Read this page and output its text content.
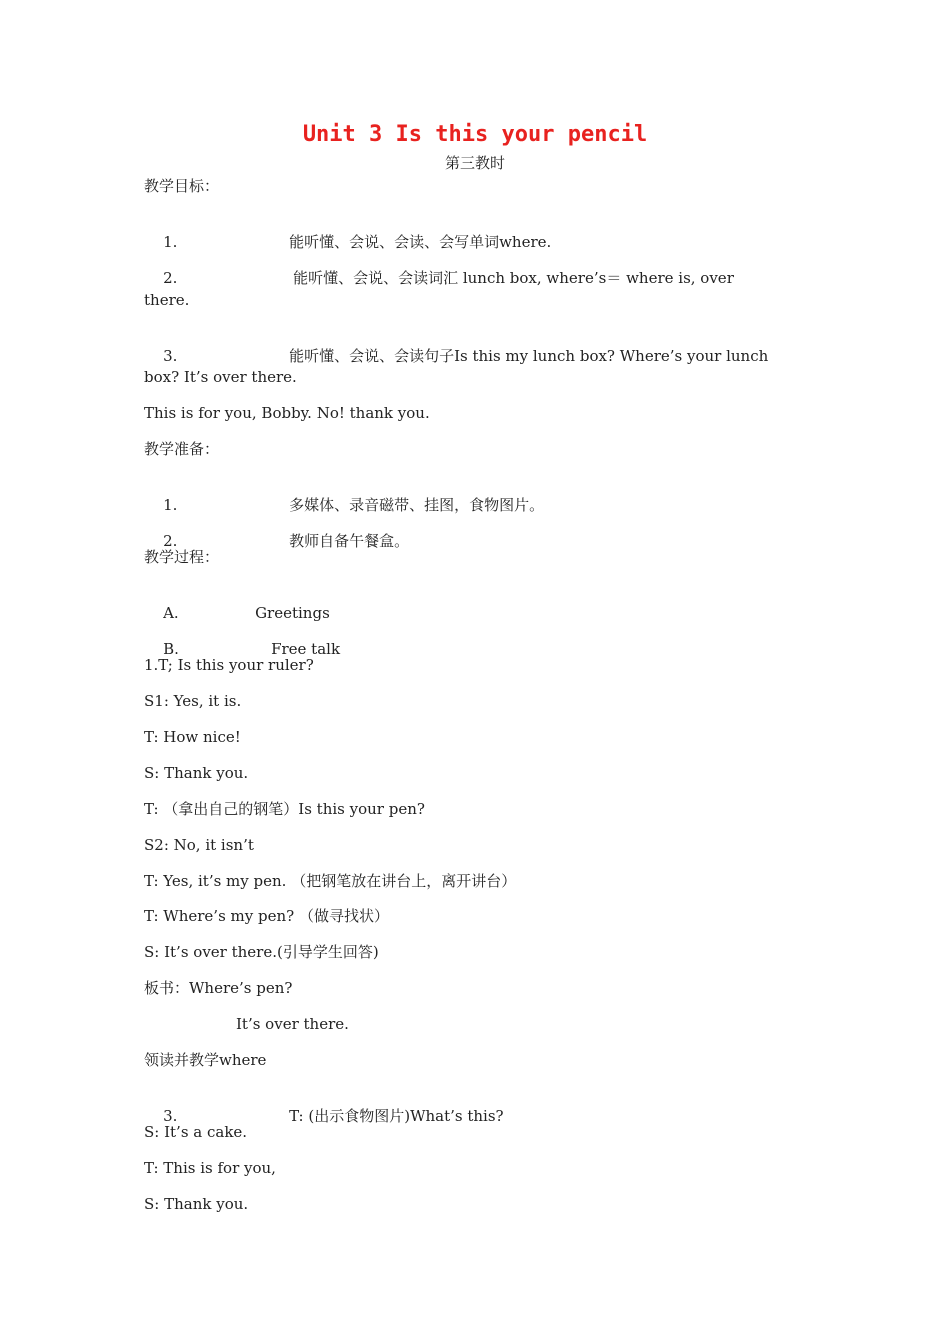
Unit 3 Is this your pencil
第三教时
教学目标：

1.	能听懂、会说、会读、会写单词where.

2.	能听懂、会说、会读词汇 lunch box, where’s＝ where is, over

there.

3.	能听懂、会说、会读句子Is this my lunch box? Where’s your lunch

box? It’s over there.
This is for you, Bobby. No! thank you.
教学准备：

1.	多媒体、录音磁带、挂图，食物图片。

2.	教师自备午餐盒。

教学过程：

A.	Greetings

B.	Free talk

1.T; Is this your ruler?
S1: Yes, it is.
T: How nice!
S: Thank you.
T: （拿出自己的钢笔）Is this your pen?
S2: No, it isn’t
T: Yes, it’s my pen. （把钢笔放在讲台上，离开讲台）
T: Where’s my pen? （做寻找状）
S: It’s over there.(引导学生回答)
板书：Where’s pen?
It’s over there.
领读并教学where

3.	T: (出示食物图片)What’s this?

S: It’s a cake.
T: This is for you,
S: Thank you.
